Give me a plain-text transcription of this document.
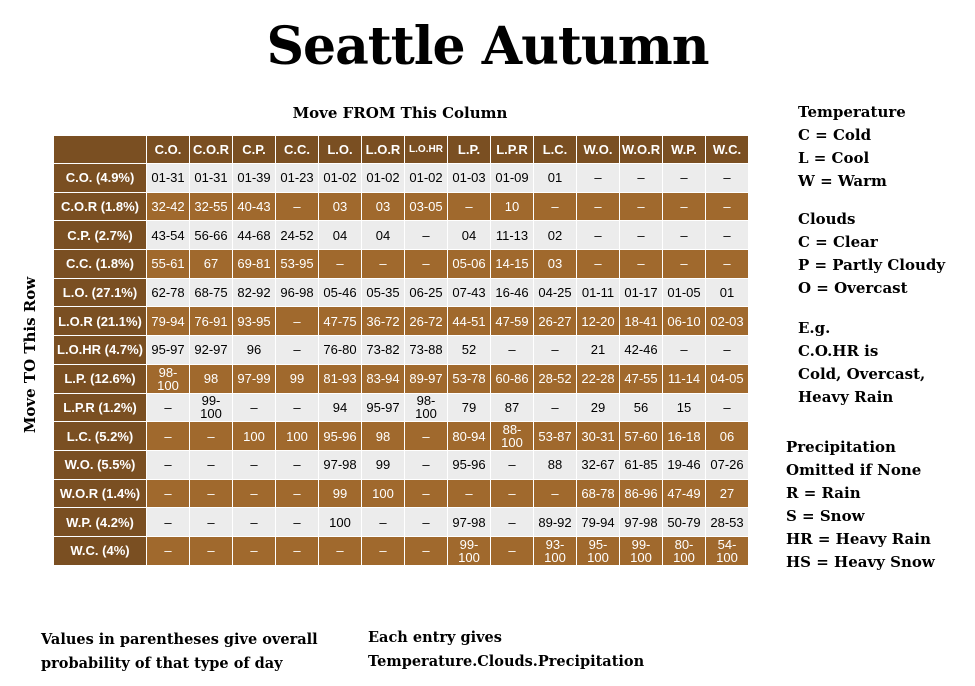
Seattle Autumn
Move FROM This Column
Move TO This Row
	C.O.	C.O.R	C.P.	C.C.	L.O.	L.O.R	L.O.HR	L.P.	L.P.R	L.C.	W.O.	W.O.R	W.P.	W.C.
C.O. (4.9%)	01-31	01-31	01-39	01-23	01-02	01-02	01-02	01-03	01-09	01	–	–	–	–
C.O.R (1.8%)	32-42	32-55	40-43	–	03	03	03-05	–	10	–	–	–	–	–
C.P. (2.7%)	43-54	56-66	44-68	24-52	04	04	–	04	11-13	02	–	–	–	–
C.C. (1.8%)	55-61	67	69-81	53-95	–	–	–	05-06	14-15	03	–	–	–	–
L.O. (27.1%)	62-78	68-75	82-92	96-98	05-46	05-35	06-25	07-43	16-46	04-25	01-11	01-17	01-05	01
L.O.R (21.1%)	79-94	76-91	93-95	–	47-75	36-72	26-72	44-51	47-59	26-27	12-20	18-41	06-10	02-03
L.O.HR (4.7%)	95-97	92-97	96	–	76-80	73-82	73-88	52	–	–	21	42-46	–	–
L.P. (12.6%)	98-100	98	97-99	99	81-93	83-94	89-97	53-78	60-86	28-52	22-28	47-55	11-14	04-05
L.P.R (1.2%)	–	99-100	–	–	94	95-97	98-100	79	87	–	29	56	15	–
L.C. (5.2%)	–	–	100	100	95-96	98	–	80-94	88-100	53-87	30-31	57-60	16-18	06
W.O. (5.5%)	–	–	–	–	97-98	99	–	95-96	–	88	32-67	61-85	19-46	07-26
W.O.R (1.4%)	–	–	–	–	99	100	–	–	–	–	68-78	86-96	47-49	27
W.P. (4.2%)	–	–	–	–	100	–	–	97-98	–	89-92	79-94	97-98	50-79	28-53
W.C. (4%)	–	–	–	–	–	–	–	99-100	–	93-100	95-100	99-100	80-100	54-100
Temperature
C = Cold
L = Cool
W = Warm
Clouds
C = Clear
P = Partly Cloudy
O = Overcast
E.g.
C.O.HR is
Cold, Overcast,
Heavy Rain
Precipitation
Omitted if None
R = Rain
S = Snow
HR = Heavy Rain
HS = Heavy Snow
Values in parentheses give overall
probability of that type of day
Each entry gives
Temperature.Clouds.Precipitation
